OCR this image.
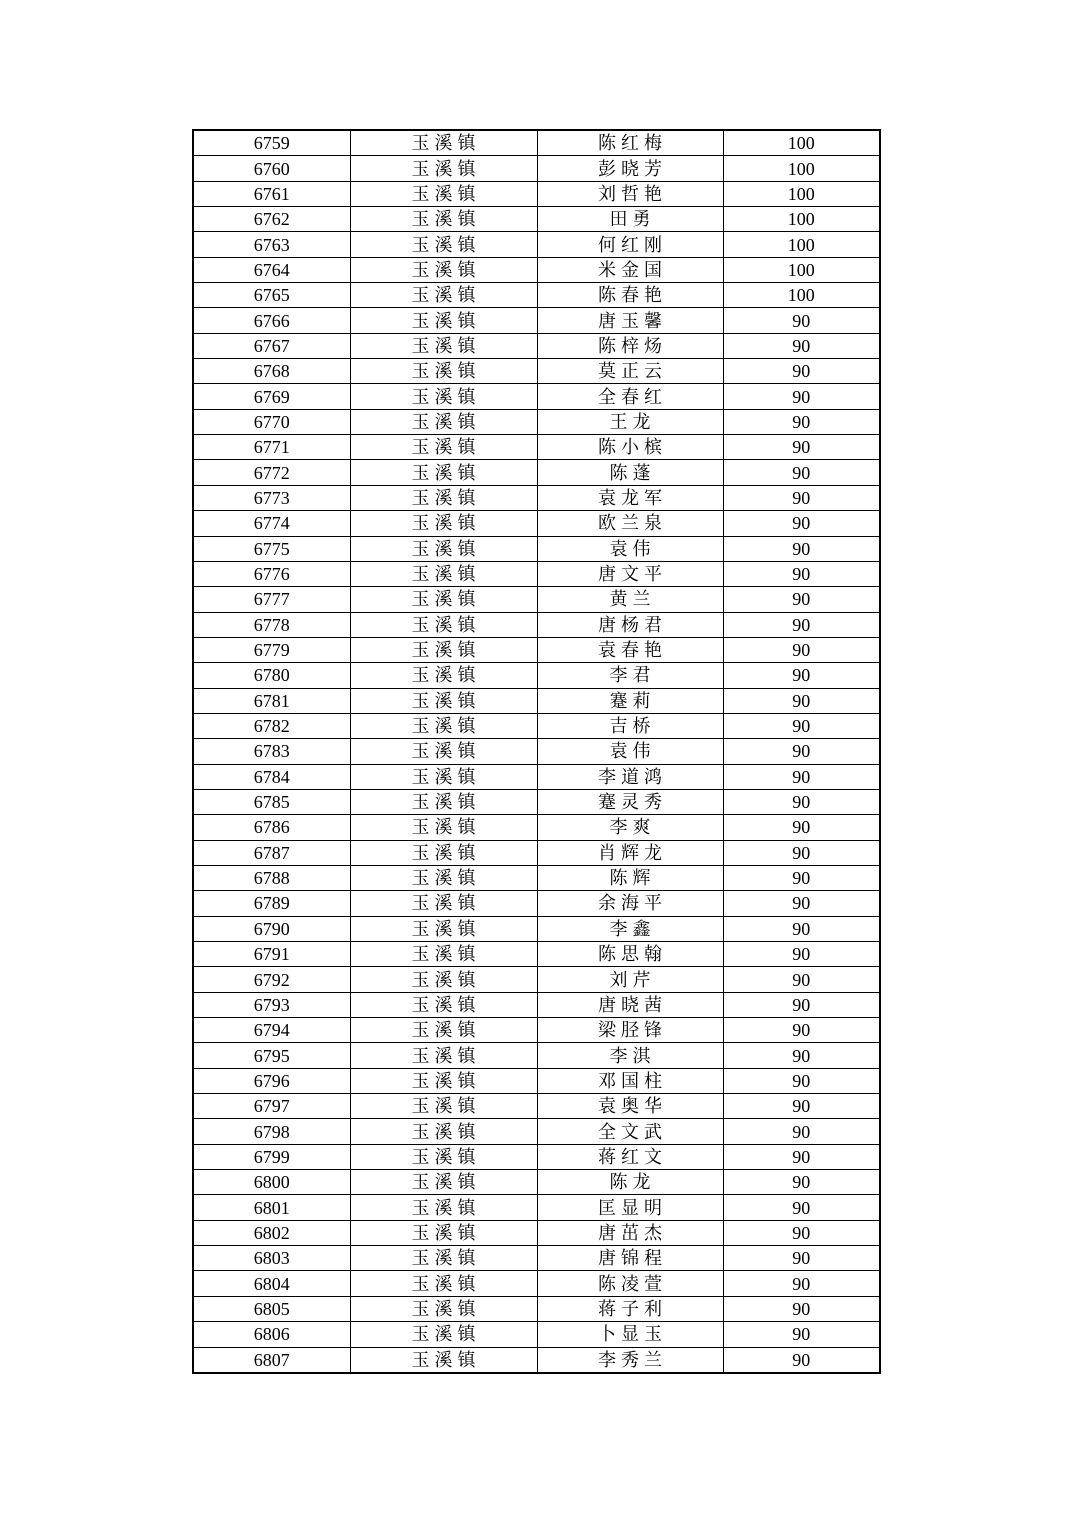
6759	玉溪镇	陈红梅	100
6760	玉溪镇	彭晓芳	100
6761	玉溪镇	刘哲艳	100
6762	玉溪镇	田勇	100
6763	玉溪镇	何红刚	100
6764	玉溪镇	米金国	100
6765	玉溪镇	陈春艳	100
6766	玉溪镇	唐玉馨	90
6767	玉溪镇	陈梓炀	90
6768	玉溪镇	莫正云	90
6769	玉溪镇	全春红	90
6770	玉溪镇	王龙	90
6771	玉溪镇	陈小槟	90
6772	玉溪镇	陈蓬	90
6773	玉溪镇	袁龙军	90
6774	玉溪镇	欧兰泉	90
6775	玉溪镇	袁伟	90
6776	玉溪镇	唐文平	90
6777	玉溪镇	黄兰	90
6778	玉溪镇	唐杨君	90
6779	玉溪镇	袁春艳	90
6780	玉溪镇	李君	90
6781	玉溪镇	蹇莉	90
6782	玉溪镇	吉桥	90
6783	玉溪镇	袁伟	90
6784	玉溪镇	李道鸿	90
6785	玉溪镇	蹇灵秀	90
6786	玉溪镇	李爽	90
6787	玉溪镇	肖辉龙	90
6788	玉溪镇	陈辉	90
6789	玉溪镇	余海平	90
6790	玉溪镇	李鑫	90
6791	玉溪镇	陈思翰	90
6792	玉溪镇	刘芹	90
6793	玉溪镇	唐晓茜	90
6794	玉溪镇	梁胫锋	90
6795	玉溪镇	李淇	90
6796	玉溪镇	邓国柱	90
6797	玉溪镇	袁奥华	90
6798	玉溪镇	全文武	90
6799	玉溪镇	蒋红文	90
6800	玉溪镇	陈龙	90
6801	玉溪镇	匡显明	90
6802	玉溪镇	唐茁杰	90
6803	玉溪镇	唐锦程	90
6804	玉溪镇	陈凌萱	90
6805	玉溪镇	蒋子利	90
6806	玉溪镇	卜显玉	90
6807	玉溪镇	李秀兰	90
